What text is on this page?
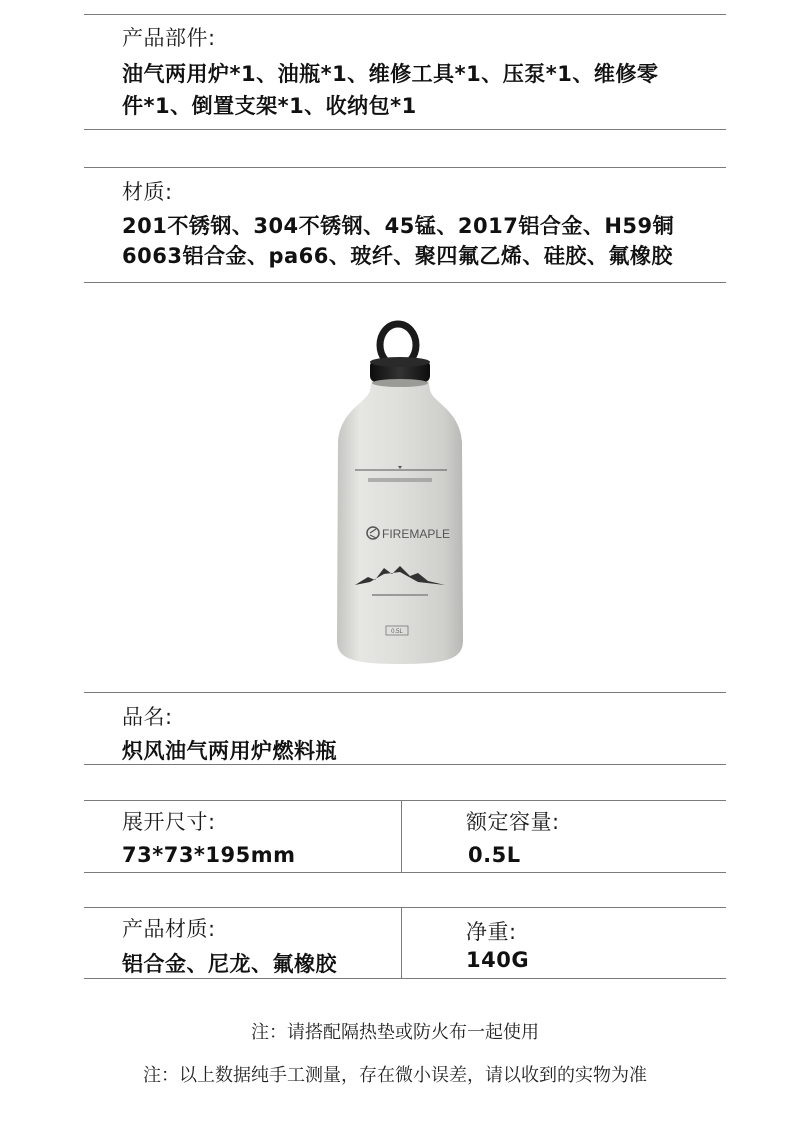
产品部件:
油气两用炉*1、油瓶*1、维修工具*1、压泵*1、维修零
件*1、倒置支架*1、收纳包*1
材质:
201不锈钢、304不锈钢、45锰、2017铝合金、H59铜
6063铝合金、pa66、玻纤、聚四氟乙烯、硅胶、氟橡胶
FIREMAPLE
0.5L
品名:
炽风油气两用炉燃料瓶
展开尺寸:
73*73*195mm
额定容量:
0.5L
产品材质:
铝合金、尼龙、氟橡胶
净重:
140G
注：请搭配隔热垫或防火布一起使用
注：以上数据纯手工测量，存在微小误差，请以收到的实物为准
